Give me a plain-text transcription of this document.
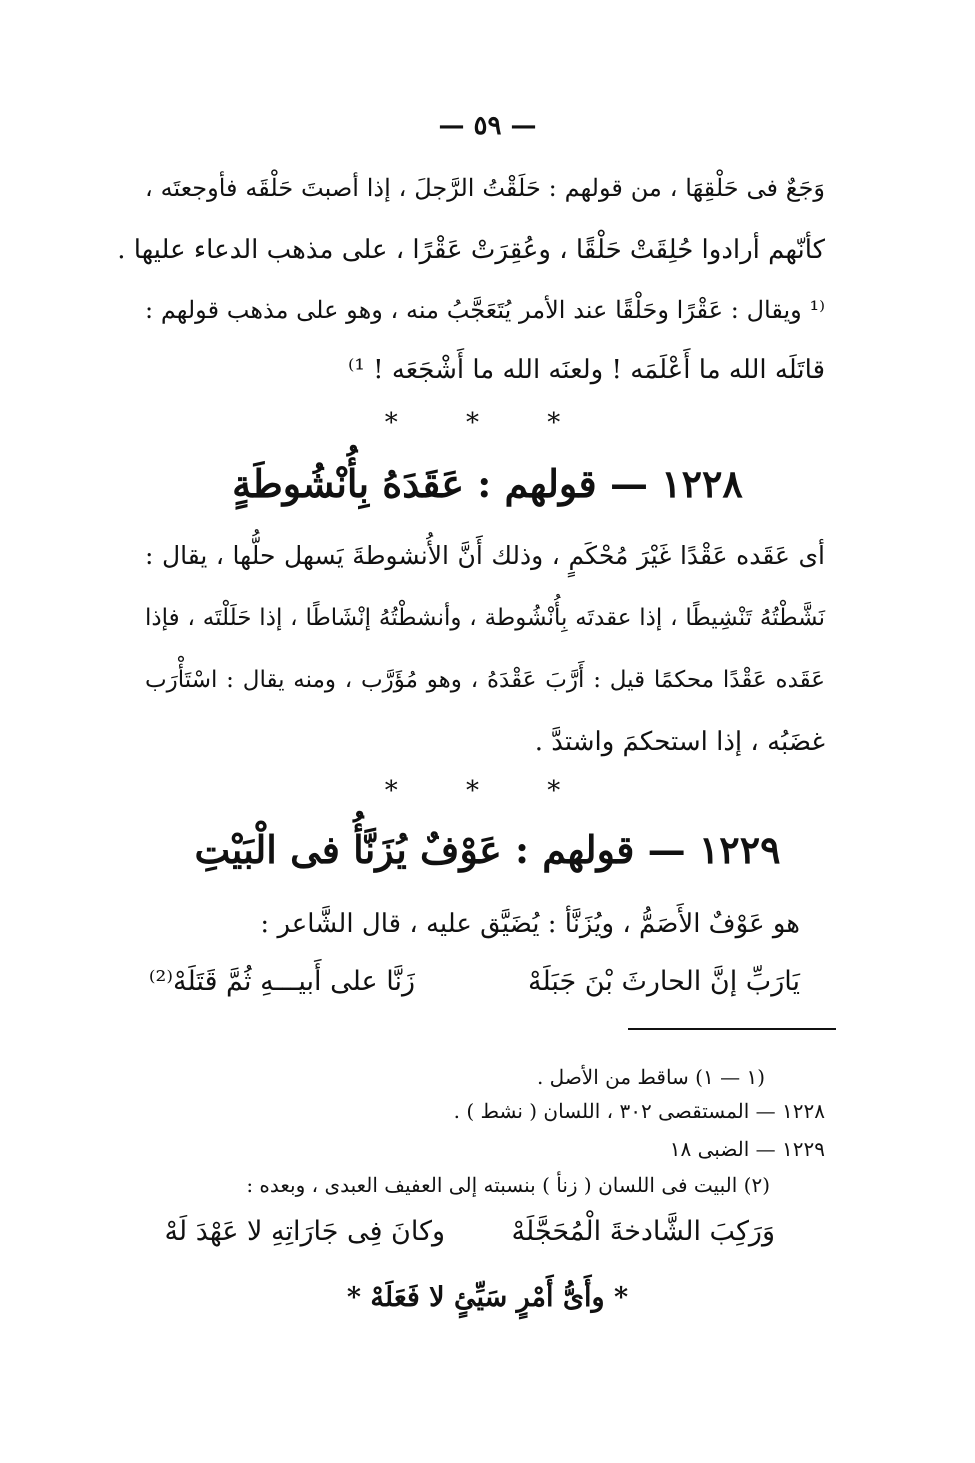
— ٥٩ —
وَجَعٌ فى حَلْقِهَا ، من قولهم : حَلَقْتُ الرَّجلَ ، إذا أصبتَ حَلْقَه فأوجعتَه ،
كأنّهم أرادوا حُلِقَتْ حَلْقًا ، وعُقِرَتْ عَقْرًا ، على مذهب الدعاء عليها .
⁽¹ ويقال : عَقْرًا وحَلْقًا عند الأمر يُتَعَجَّبُ منه ، وهو على مذهب قولهم :
قاتَلَه الله ما أَعْلَمَه ! ولعنَه الله ما أَشْجَعَه ! ¹⁾
* * *
١٢٢٨ — قولهم : عَقَدَهُ بِأُنْشُوطَةٍ
أى عَقَده عَقْدًا غَيْرَ مُحْكَمٍ ، وذلك أَنَّ الأُنشوطةَ يَسهل حلُّها ، يقال :
نَشَّطْتُهُ تَنْشِيطًا ، إذا عقدتَه بِأُنْشُوطة ، وأنشطْتُهُ إنْشَاطًا ، إذا حَلَلْتَه ، فإذا
عَقَده عَقْدًا محكمًا قيل : أَرَّبَ عَقْدَهُ ، وهو مُؤَرَّب ، ومنه يقال : اسْتَأْرَب
غضَبُه ، إذا استحكمَ واشتدَّ .
* * *
١٢٢٩ — قولهم : عَوْفٌ يُزَنَّأُ فى الْبَيْتِ
هو عَوْفٌ الأَصَمُّ ، ويُزَنَّأ : يُضَيَّق عليه ، قال الشَّاعر :
يَارَبِّ إنَّ الحارثَ بْنَ جَبَلَهْ
زَنَّا على أَبيـــهِ ثُمَّ قَتَلَهْ⁽²⁾
(١ — ١) ساقط من الأصل .
١٢٢٨ — المستقصى ٣٠٢ ، اللسان ( نشط ) .
١٢٢٩ — الضبى ١٨
(٢) البيت فى اللسان ( زنأ ) بنسبته إلى العفيف العبدى ، وبعده :
وَرَكِبَ الشَّادخةَ الْمُحَجَّلَهْ
وكانَ فِى جَارَاتِهِ لا عَهْدَ لَهْ
* وأَىُّ أَمْرٍ سَيِّئٍ لا فَعَلَهْ *
